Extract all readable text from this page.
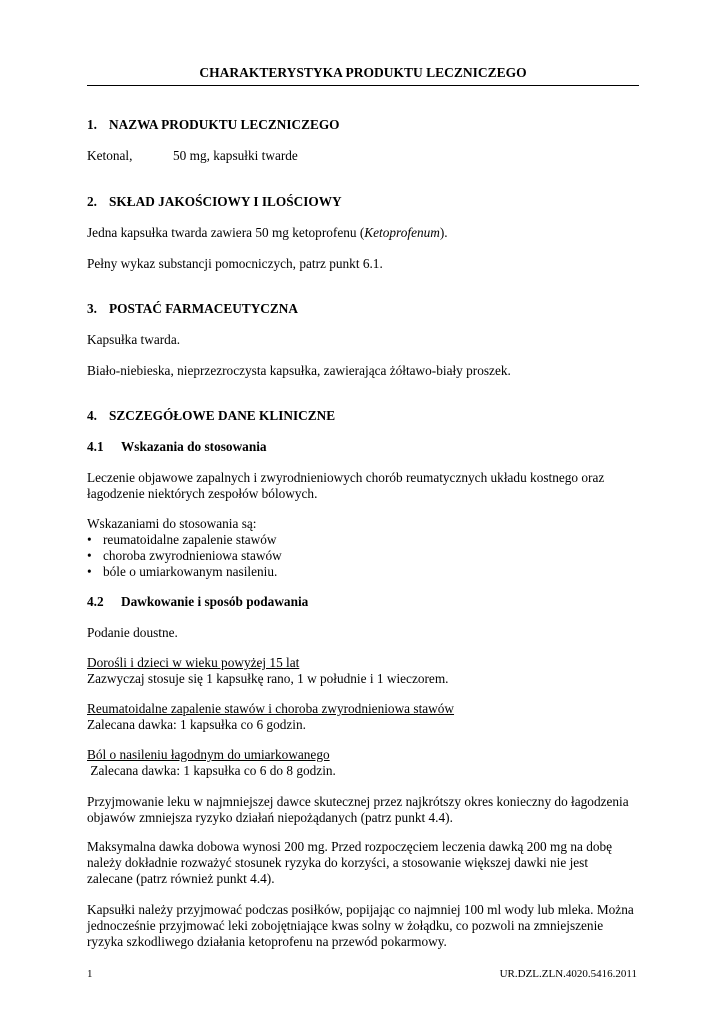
CHARAKTERYSTYKA PRODUKTU LECZNICZEGO
1. NAZWA PRODUKTU LECZNICZEGO
Ketonal,	50 mg, kapsułki twarde
2. SKŁAD JAKOŚCIOWY I ILOŚCIOWY
Jedna kapsułka twarda zawiera 50 mg ketoprofenu (Ketoprofenum).
Pełny wykaz substancji pomocniczych, patrz punkt 6.1.
3. POSTAĆ FARMACEUTYCZNA
Kapsułka twarda.
Biało-niebieska, nieprzezroczysta kapsułka, zawierająca żółtawo-biały proszek.
4. SZCZEGÓŁOWE DANE KLINICZNE
4.1 Wskazania do stosowania
Leczenie objawowe zapalnych i zwyrodnieniowych chorób reumatycznych układu kostnego oraz
łagodzenie niektórych zespołów bólowych.
Wskazaniami do stosowania są:
• reumatoidalne zapalenie stawów
• choroba zwyrodnieniowa stawów
• bóle o umiarkowanym nasileniu.
4.2 Dawkowanie i sposób podawania
Podanie doustne.
Dorośli i dzieci w wieku powyżej 15 lat
Zazwyczaj stosuje się 1 kapsułkę rano, 1 w południe i 1 wieczorem.
Reumatoidalne zapalenie stawów i choroba zwyrodnieniowa stawów
Zalecana dawka: 1 kapsułka co 6 godzin.
Ból o nasileniu łagodnym do umiarkowanego
Zalecana dawka: 1 kapsułka co 6 do 8 godzin.
Przyjmowanie leku w najmniejszej dawce skutecznej przez najkrótszy okres konieczny do łagodzenia
objawów zmniejsza ryzyko działań niepożądanych (patrz punkt 4.4).
Maksymalna dawka dobowa wynosi 200 mg. Przed rozpoczęciem leczenia dawką 200 mg na dobę
należy dokładnie rozważyć stosunek ryzyka do korzyści, a stosowanie większej dawki nie jest
zalecane (patrz również punkt 4.4).
Kapsułki należy przyjmować podczas posiłków, popijając co najmniej 100 ml wody lub mleka. Można
jednocześnie przyjmować leki zobojętniające kwas solny w żołądku, co pozwoli na zmniejszenie
ryzyka szkodliwego działania ketoprofenu na przewód pokarmowy.
1	UR.DZL.ZLN.4020.5416.2011
